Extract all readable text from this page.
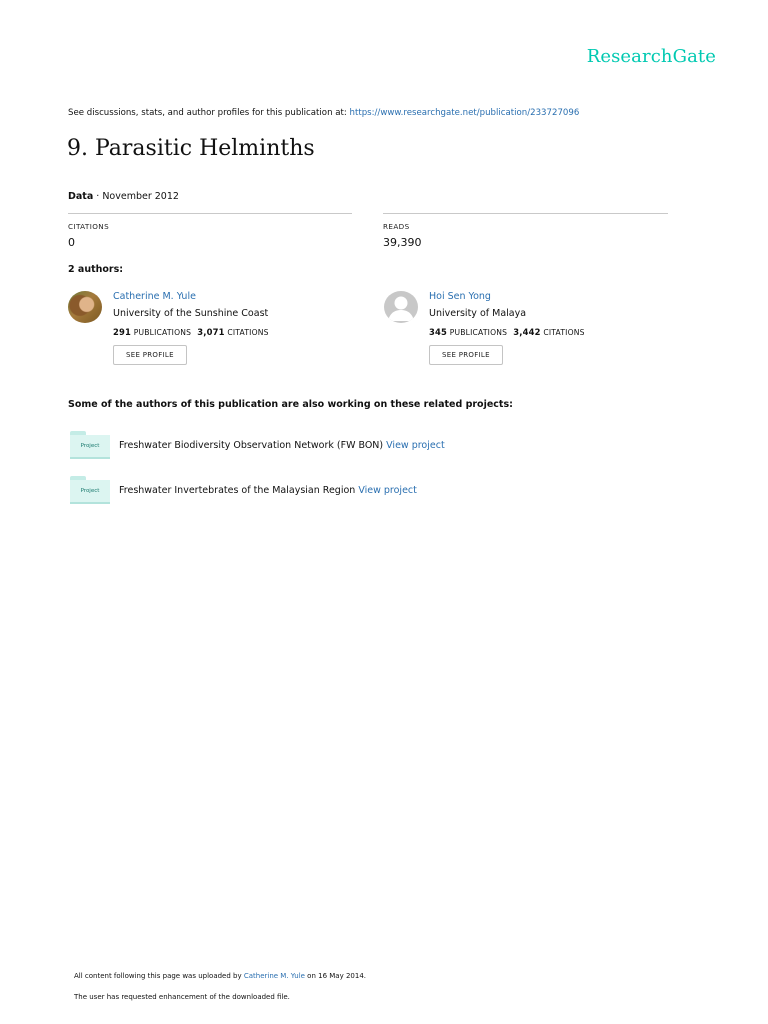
ResearchGate
See discussions, stats, and author profiles for this publication at: https://www.researchgate.net/publication/233727096
9. Parasitic Helminths
Data · November 2012
CITATIONS
0
READS
39,390
2 authors:
Catherine M. Yule
University of the Sunshine Coast
291 PUBLICATIONS 3,071 CITATIONS
SEE PROFILE
Hoi Sen Yong
University of Malaya
345 PUBLICATIONS 3,442 CITATIONS
SEE PROFILE
Some of the authors of this publication are also working on these related projects:
Project	Freshwater Biodiversity Observation Network (FW BON) View project
Project	Freshwater Invertebrates of the Malaysian Region View project
All content following this page was uploaded by Catherine M. Yule on 16 May 2014.
The user has requested enhancement of the downloaded file.
